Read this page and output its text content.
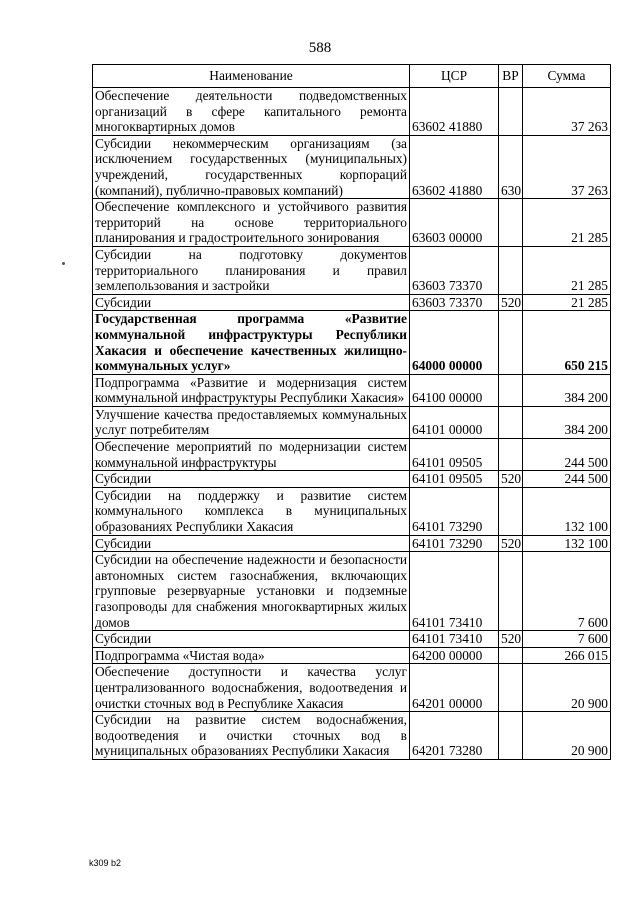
588
Наименование	ЦСР	ВР	Сумма
Обеспечение деятельности подведомственных организаций в сфере капитального ремонта многоквартирных домов	63602 41880		37 263
Субсидии некоммерческим организациям (за исключением государственных (муниципальных) учреждений, государственных корпораций (компаний), публично-правовых компаний)	63602 41880	630	37 263
Обеспечение комплексного и устойчивого развития территорий на основе территориального планирования и градостроительного зонирования	63603 00000		21 285
Субсидии на подготовку документов территориального планирования и правил землепользования и застройки	63603 73370		21 285
Субсидии	63603 73370	520	21 285
Государственная программа «Развитие коммунальной инфраструктуры Республики Хакасия и обеспечение качественных жилищно-коммунальных услуг»	64000 00000		650 215
Подпрограмма «Развитие и модернизация систем коммунальной инфраструктуры Республики Хакасия»	64100 00000		384 200
Улучшение качества предоставляемых коммунальных услуг потребителям	64101 00000		384 200
Обеспечение мероприятий по модернизации систем коммунальной инфраструктуры	64101 09505		244 500
Субсидии	64101 09505	520	244 500
Субсидии на поддержку и развитие систем коммунального комплекса в муниципальных образованиях Республики Хакасия	64101 73290		132 100
Субсидии	64101 73290	520	132 100
Субсидии на обеспечение надежности и безопасности автономных систем газоснабжения, включающих групповые резервуарные установки и подземные газопроводы для снабжения многоквартирных жилых домов	64101 73410		7 600
Субсидии	64101 73410	520	7 600
Подпрограмма «Чистая вода»	64200 00000		266 015
Обеспечение доступности и качества услуг централизованного водоснабжения, водоотведения и очистки сточных вод в Республике Хакасия	64201 00000		20 900
Субсидии на развитие систем водоснабжения, водоотведения и очистки сточных вод в муниципальных образованиях Республики Хакасия	64201 73280		20 900
k309 b2
